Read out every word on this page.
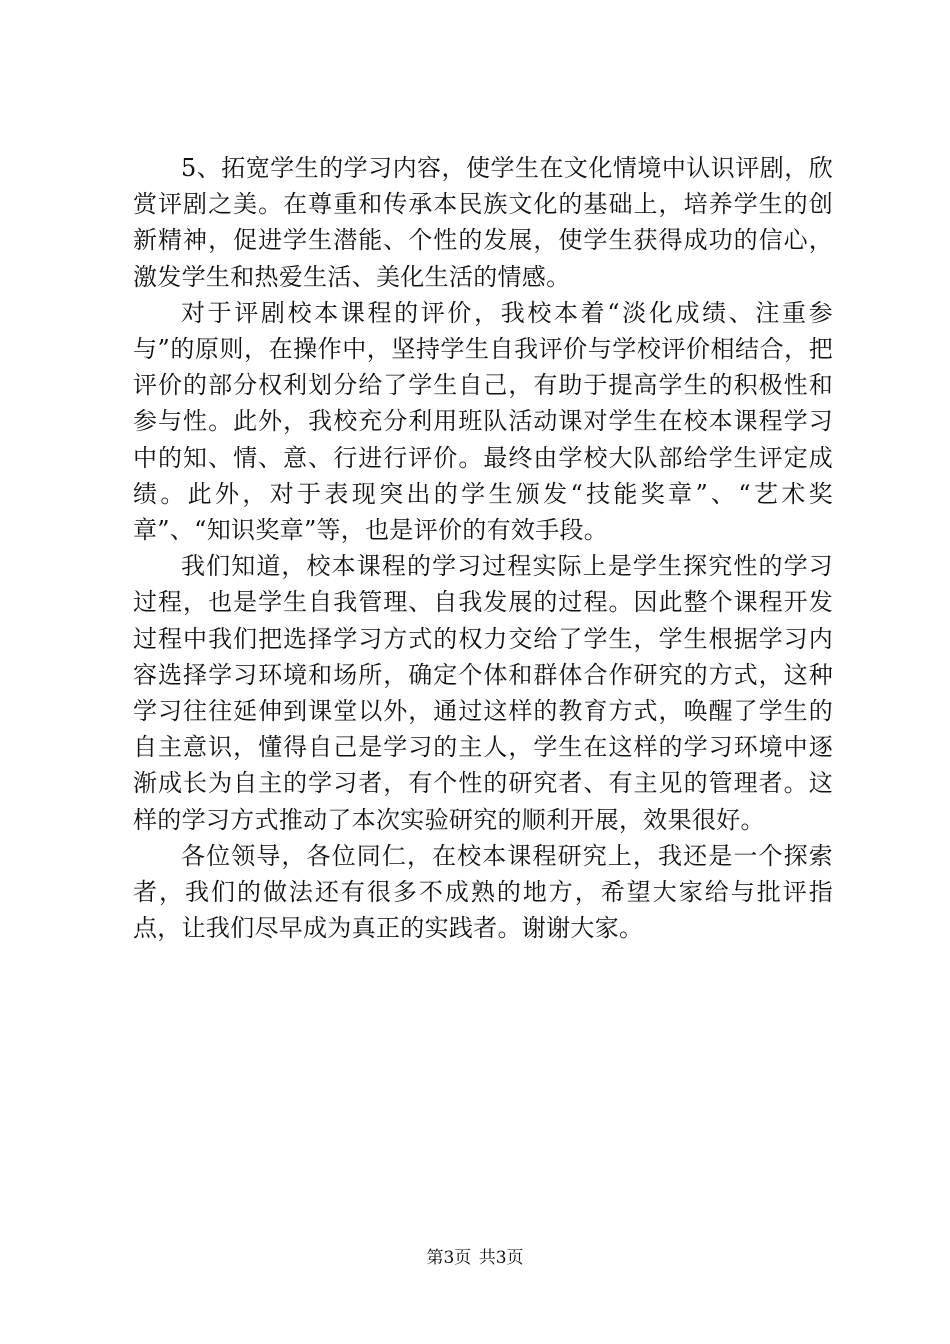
5、拓宽学生的学习内容，使学生在文化情境中认识评剧，欣赏评剧之美。在尊重和传承本民族文化的基础上，培养学生的创新精神，促进学生潜能、个性的发展，使学生获得成功的信心，激发学生和热爱生活、美化生活的情感。

对于评剧校本课程的评价，我校本着“淡化成绩、注重参与”的原则，在操作中，坚持学生自我评价与学校评价相结合，把评价的部分权利划分给了学生自己，有助于提高学生的积极性和参与性。此外，我校充分利用班队活动课对学生在校本课程学习中的知、情、意、行进行评价。最终由学校大队部给学生评定成绩。此外，对于表现突出的学生颁发“技能奖章”、“艺术奖章”、“知识奖章”等，也是评价的有效手段。

我们知道，校本课程的学习过程实际上是学生探究性的学习过程，也是学生自我管理、自我发展的过程。因此整个课程开发过程中我们把选择学习方式的权力交给了学生，学生根据学习内容选择学习环境和场所，确定个体和群体合作研究的方式，这种学习往往延伸到课堂以外，通过这样的教育方式，唤醒了学生的自主意识，懂得自己是学习的主人，学生在这样的学习环境中逐渐成长为自主的学习者，有个性的研究者、有主见的管理者。这样的学习方式推动了本次实验研究的顺利开展，效果很好。

各位领导，各位同仁，在校本课程研究上，我还是一个探索者，我们的做法还有很多不成熟的地方，希望大家给与批评指点，让我们尽早成为真正的实践者。谢谢大家。

第3页 共3页
